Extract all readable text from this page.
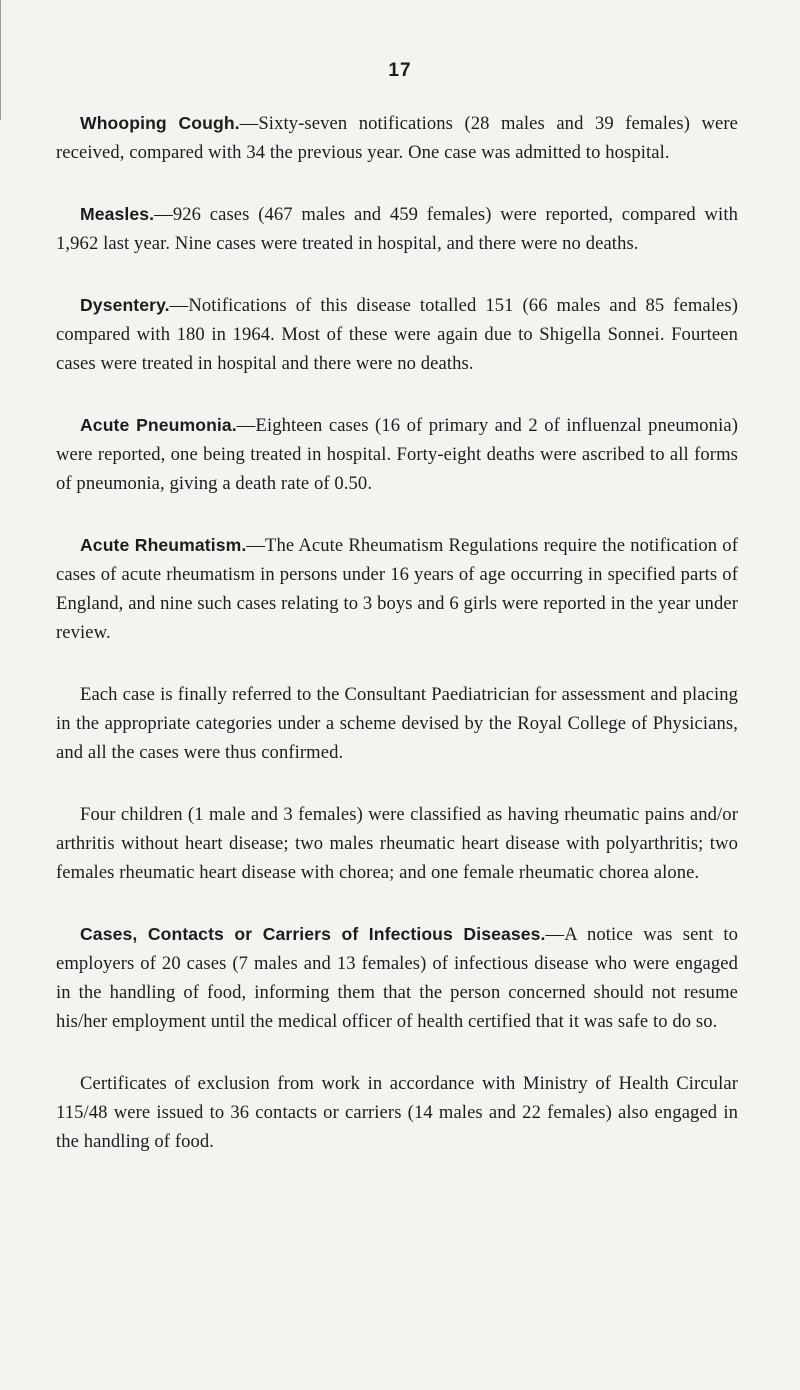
17

Whooping Cough.—Sixty-seven notifications (28 males and 39 females) were received, compared with 34 the previous year. One case was admitted to hospital.

Measles.—926 cases (467 males and 459 females) were reported, compared with 1,962 last year. Nine cases were treated in hospital, and there were no deaths.

Dysentery.—Notifications of this disease totalled 151 (66 males and 85 females) compared with 180 in 1964. Most of these were again due to Shigella Sonnei. Fourteen cases were treated in hospital and there were no deaths.

Acute Pneumonia.—Eighteen cases (16 of primary and 2 of influenzal pneumonia) were reported, one being treated in hospital. Forty-eight deaths were ascribed to all forms of pneumonia, giving a death rate of 0.50.

Acute Rheumatism.—The Acute Rheumatism Regulations require the notification of cases of acute rheumatism in persons under 16 years of age occurring in specified parts of England, and nine such cases relating to 3 boys and 6 girls were reported in the year under review.

Each case is finally referred to the Consultant Paediatrician for assessment and placing in the appropriate categories under a scheme devised by the Royal College of Physicians, and all the cases were thus confirmed.

Four children (1 male and 3 females) were classified as having rheumatic pains and/or arthritis without heart disease; two males rheumatic heart disease with polyarthritis; two females rheumatic heart disease with chorea; and one female rheumatic chorea alone.

Cases, Contacts or Carriers of Infectious Diseases.—A notice was sent to employers of 20 cases (7 males and 13 females) of infectious disease who were engaged in the handling of food, informing them that the person concerned should not resume his/her employment until the medical officer of health certified that it was safe to do so.

Certificates of exclusion from work in accordance with Ministry of Health Circular 115/48 were issued to 36 contacts or carriers (14 males and 22 females) also engaged in the handling of food.
